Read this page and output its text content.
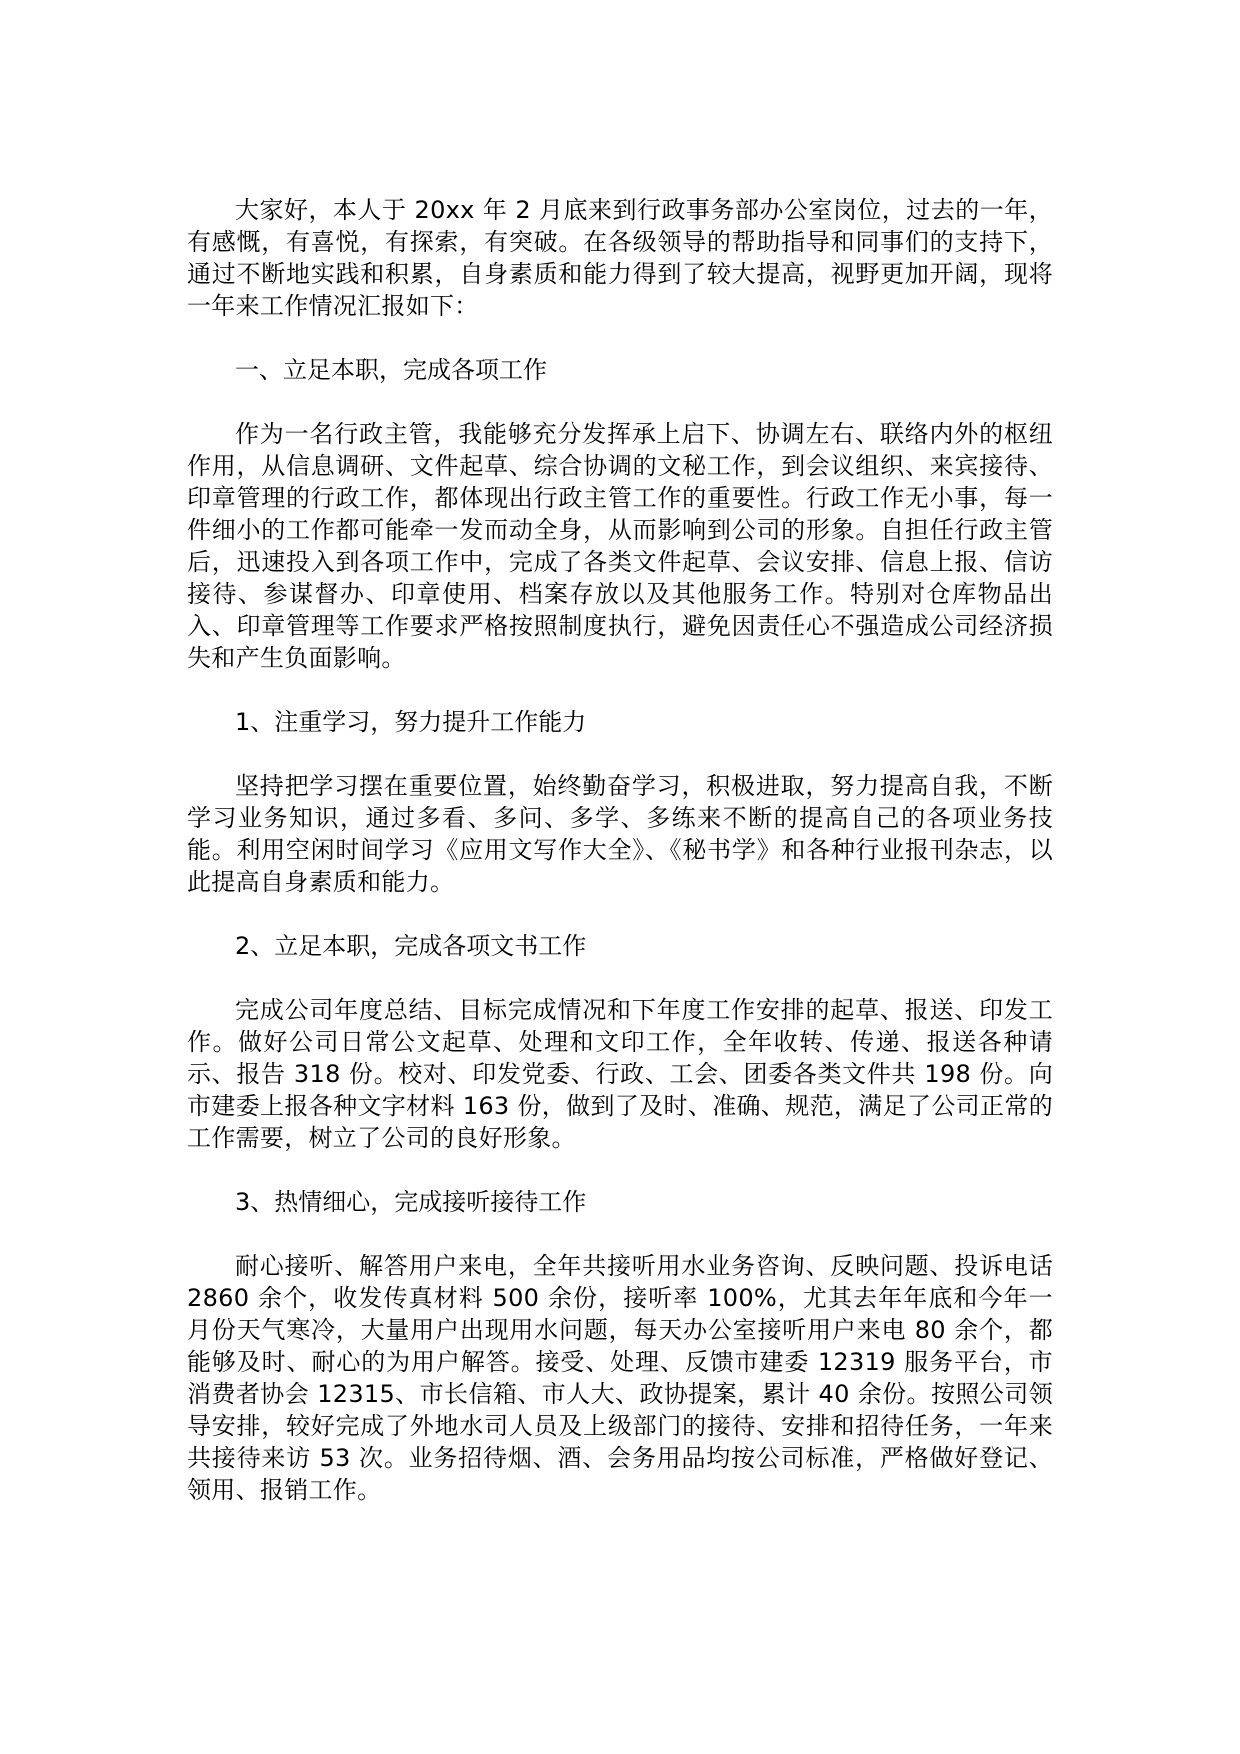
大家好，本人于 20xx 年 2 月底来到行政事务部办公室岗位，过去的一年，有感慨，有喜悦，有探索，有突破。在各级领导的帮助指导和同事们的支持下，通过不断地实践和积累，自身素质和能力得到了较大提高，视野更加开阔，现将一年来工作情况汇报如下：

一、立足本职，完成各项工作

作为一名行政主管，我能够充分发挥承上启下、协调左右、联络内外的枢纽作用，从信息调研、文件起草、综合协调的文秘工作，到会议组织、来宾接待、印章管理的行政工作，都体现出行政主管工作的重要性。行政工作无小事，每一件细小的工作都可能牵一发而动全身，从而影响到公司的形象。自担任行政主管后，迅速投入到各项工作中，完成了各类文件起草、会议安排、信息上报、信访接待、参谋督办、印章使用、档案存放以及其他服务工作。特别对仓库物品出入、印章管理等工作要求严格按照制度执行，避免因责任心不强造成公司经济损失和产生负面影响。

1、注重学习，努力提升工作能力

坚持把学习摆在重要位置，始终勤奋学习，积极进取，努力提高自我，不断学习业务知识，通过多看、多问、多学、多练来不断的提高自己的各项业务技能。利用空闲时间学习《应用文写作大全》、《秘书学》和各种行业报刊杂志，以此提高自身素质和能力。

2、立足本职，完成各项文书工作

完成公司年度总结、目标完成情况和下年度工作安排的起草、报送、印发工作。做好公司日常公文起草、处理和文印工作，全年收转、传递、报送各种请示、报告 318 份。校对、印发党委、行政、工会、团委各类文件共 198 份。向市建委上报各种文字材料 163 份，做到了及时、准确、规范，满足了公司正常的工作需要，树立了公司的良好形象。

3、热情细心，完成接听接待工作

耐心接听、解答用户来电，全年共接听用水业务咨询、反映问题、投诉电话 2860 余个，收发传真材料 500 余份，接听率 100%，尤其去年年底和今年一月份天气寒冷，大量用户出现用水问题，每天办公室接听用户来电 80 余个，都能够及时、耐心的为用户解答。接受、处理、反馈市建委 12319 服务平台，市消费者协会 12315、市长信箱、市人大、政协提案，累计 40 余份。按照公司领导安排，较好完成了外地水司人员及上级部门的接待、安排和招待任务，一年来共接待来访 53 次。业务招待烟、酒、会务用品均按公司标准，严格做好登记、领用、报销工作。
